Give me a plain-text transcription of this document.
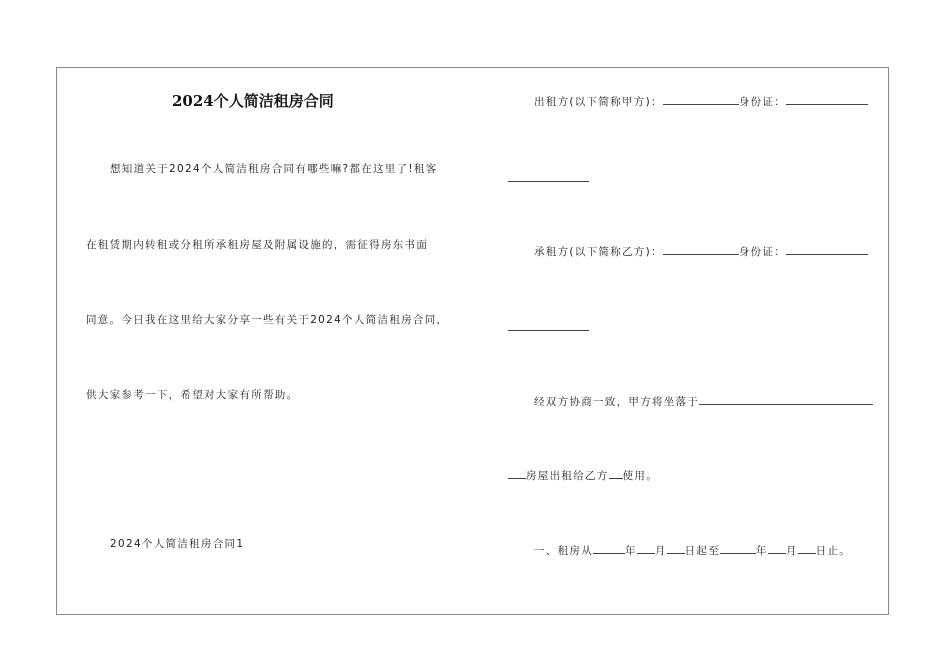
2024个人简洁租房合同
想知道关于2024个人简洁租房合同有哪些嘛?都在这里了!租客
在租赁期内转租或分租所承租房屋及附属设施的，需征得房东书面
同意。今日我在这里给大家分享一些有关于2024个人简洁租房合同，
供大家参考一下，希望对大家有所帮助。
2024个人简洁租房合同1
出租方(以下简称甲方)：	身份证：
承租方(以下简称乙方)：	身份证：
经双方协商一致，甲方将坐落于
房屋出租给乙方 使用。
一、租房从	年 月 日起至	年 月 日止。
